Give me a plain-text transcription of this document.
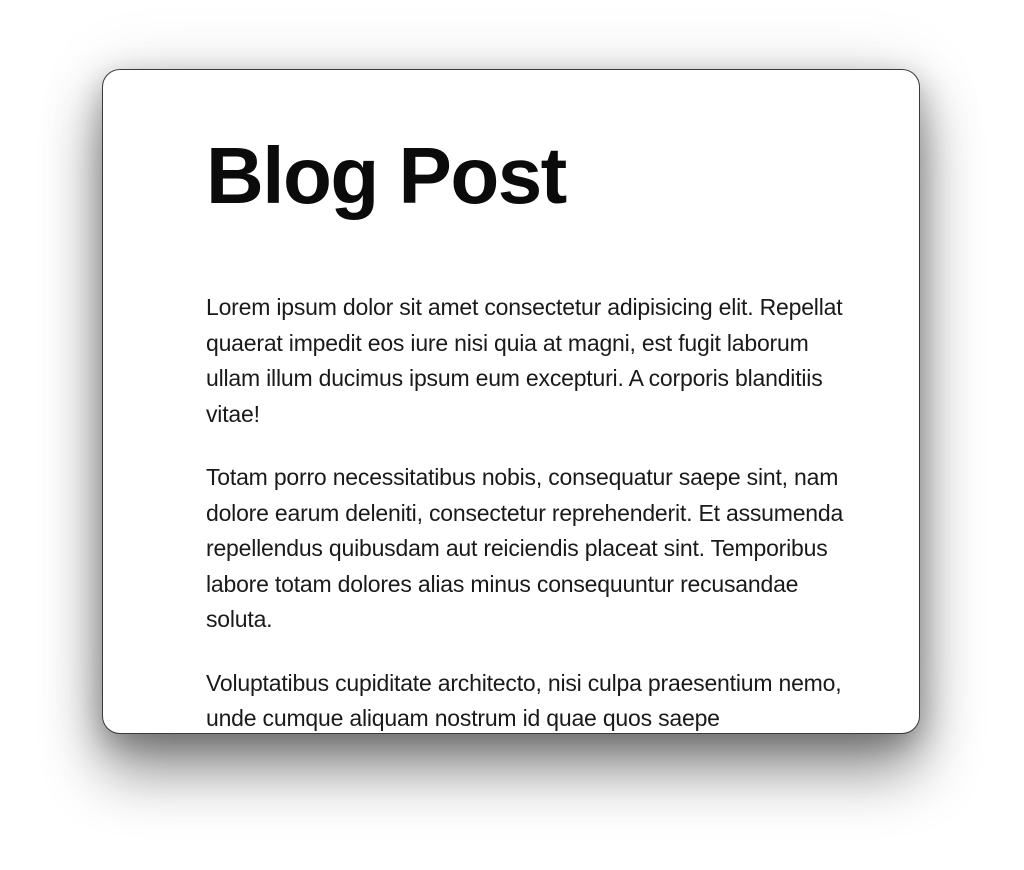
Blog Post

Lorem ipsum dolor sit amet consectetur adipisicing elit. Repellat quaerat impedit eos iure nisi quia at magni, est fugit laborum ullam illum ducimus ipsum eum excepturi. A corporis blanditiis vitae!

Totam porro necessitatibus nobis, consequatur saepe sint, nam dolore earum deleniti, consectetur reprehenderit. Et assumenda repellendus quibusdam aut reiciendis placeat sint. Temporibus labore totam dolores alias minus consequuntur recusandae soluta.

Voluptatibus cupiditate architecto, nisi culpa praesentium nemo, unde cumque aliquam nostrum id quae quos saepe
